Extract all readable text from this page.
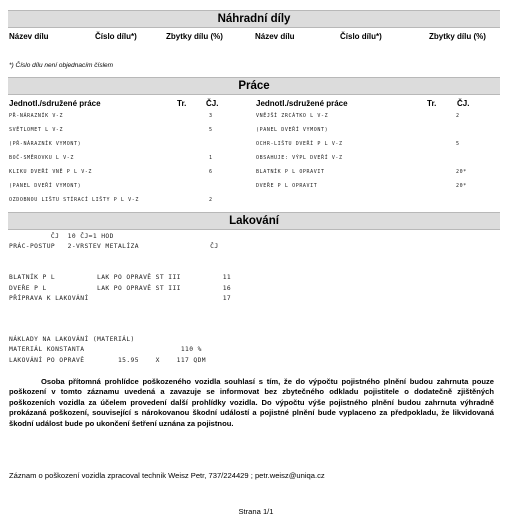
Náhradní díly
Název dílu	Číslo dílu*)	Zbytky dílu (%)	Název dílu	Číslo dílu*)	Zbytky dílu (%)
*) Číslo dílu není objednacím číslem
Práce
Jednotl./sdružené práce	Tr. ČJ.	Jednotl./sdružené práce	Tr.	ČJ.
PŘ-NÁRAZNÍK V-Z	3
SVĚTLOMET L V-Z	5
(PŘ-NÁRAZNÍK VYMONT)
BOČ-SMĚROVKU L V-Z	1
KLIKU DVEŘÍ VNĚ P L V-Z	6
(PANEL DVEŘÍ VYMONT)
OZDOBNOU LIŠTU STÍRACÍ LIŠTY P L V-Z	2
VNĚJŠÍ ZRCÁTKO L V-Z	2
(PANEL DVEŘÍ VYMONT)
OCHR-LIŠTU DVEŘÍ P L V-Z	5
OBSAHUJE: VÝPL DVEŘÍ V-Z
BLATNÍK P L OPRAVIT	20*
DVEŘE P L OPRAVIT	20*
Lakování
ČJ  10 ČJ=1 HOD
PRÁC-POSTUP   2-VRSTEV METALÍZA                 ČJ
BLATNÍK P L          LAK PO OPRAVĚ ST III          11
DVEŘE P L            LAK PO OPRAVĚ ST III          16
PŘÍPRAVA K LAKOVÁNÍ                                17
NÁKLADY NA LAKOVÁNÍ (MATERIÁL)
MATERIÁL KONSTANTA                       110 %
LAKOVÁNÍ PO OPRAVĚ        15.95    X    117 QDM
Osoba přítomná prohlídce poškozeného vozidla souhlasí s tím, že do výpočtu pojistného plnění budou zahrnuta pouze poškození v tomto záznamu uvedená a zavazuje se informovat bez zbytečného odkladu pojistitele o dodatečně zjištěných poškozeních vozidla za účelem provedení další prohlídky vozidla. Do výpočtu výše pojistného plnění budou zahrnuta výhradně prokázaná poškození, související s nárokovanou škodní událostí a pojistné plnění bude vyplaceno za předpokladu, že likvidovaná škodní událost bude po ukončení šetření uznána za pojistnou.
Záznam o poškození vozidla zpracoval technik Weisz Petr, 737/224429 ; petr.weisz@uniqa.cz
Strana 1/1
